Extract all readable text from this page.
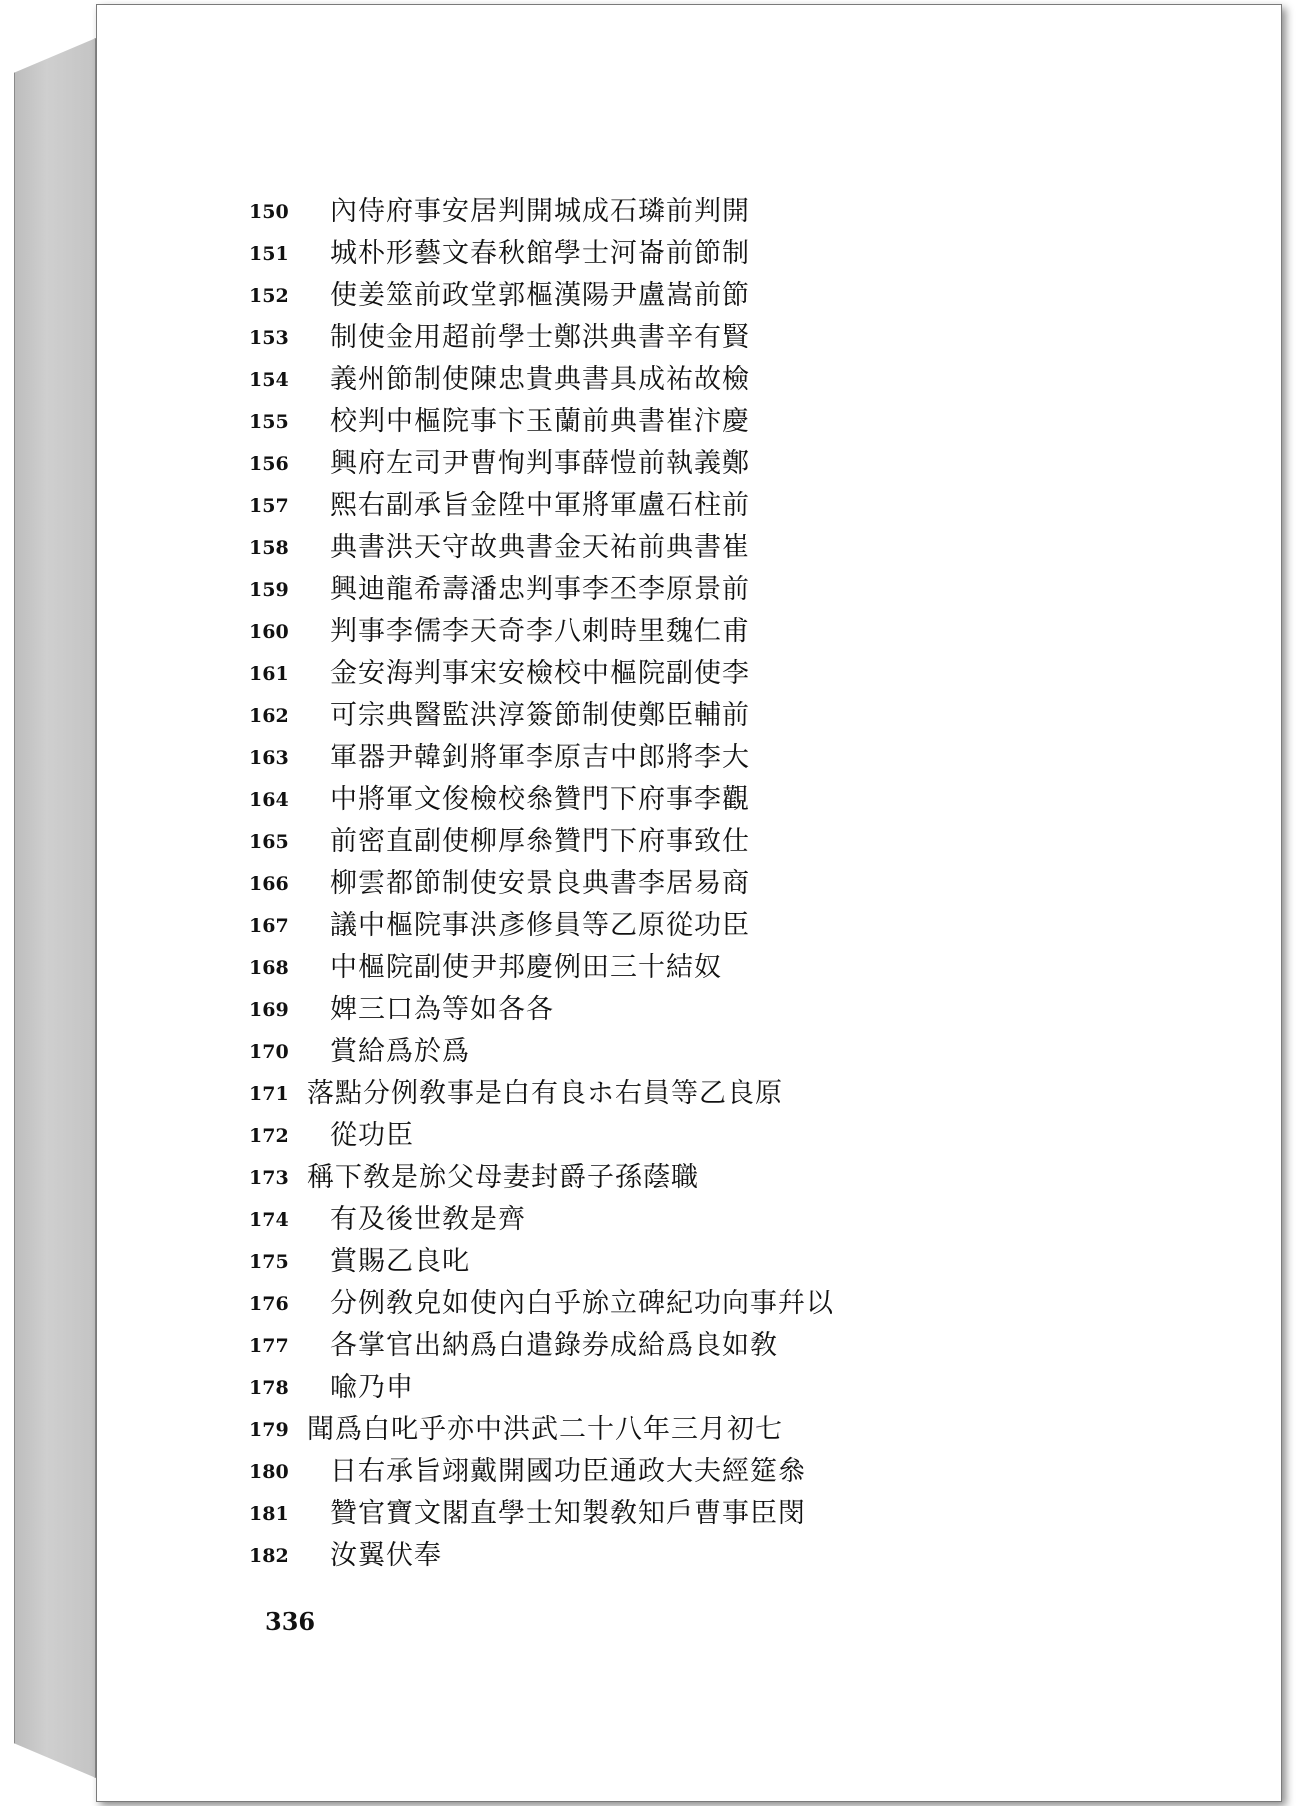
150	內侍府事安居判開城成石璘前判開
151	城朴形藝文春秋館學士河崙前節制
152	使姜筮前政堂郭樞漢陽尹盧嵩前節
153	制使金用超前學士鄭洪典書辛有賢
154	義州節制使陳忠貴典書具成祐故檢
155	校判中樞院事卞玉蘭前典書崔汴慶
156	興府左司尹曹恂判事薛愷前執義鄭
157	熙右副承旨金陞中軍將軍盧石柱前
158	典書洪天守故典書金天祐前典書崔
159	興迪龍希壽潘忠判事李丕李原景前
160	判事李儒李天奇李八刺時里魏仁甫
161	金安海判事宋安檢校中樞院副使李
162	可宗典醫監洪淳簽節制使鄭臣輔前
163	軍器尹韓釗將軍李原吉中郎將李大
164	中將軍文俊檢校叅贊門下府事李觀
165	前密直副使柳厚叅贊門下府事致仕
166	柳雲都節制使安景良典書李居易商
167	議中樞院事洪彥修員等乙原從功臣
168	中樞院副使尹邦慶例田三十結奴
169	婢三口為等如各各
170	賞給爲於爲
171 落點分例敎事是白有良ホ右員等乙良原
172	從功臣
173 稱下敎是旀父母妻封爵子孫蔭職
174	有及後世敎是齊
175	賞賜乙良叱
176	分例敎皃如使內白乎旀立碑紀功向事幷以
177	各掌官出納爲白遣錄券成給爲良如敎
178	喩乃申
179 聞爲白叱乎亦中洪武二十八年三月初七
180	日右承旨翊戴開國功臣通政大夫經筵叅
181	贊官寶文閣直學士知製敎知戶曹事臣閔
182	汝翼伏奉
336
